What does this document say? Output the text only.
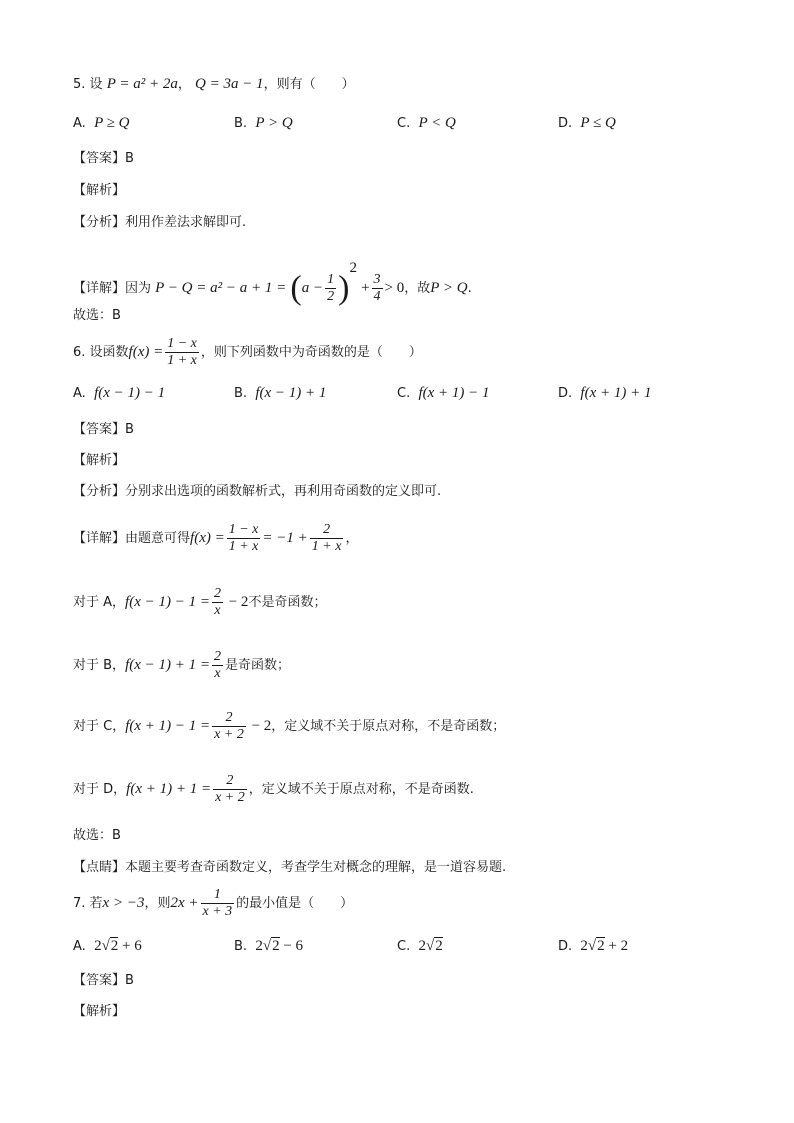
5. 设 P = a² + 2a， Q = 3a − 1，则有（　　）
A. P ≥ Q	B. P > Q	C. P < Q	D. P ≤ Q
【答案】B
【解析】
【分析】利用作差法求解即可.
【详解】因为 $P - Q = a^2 - a + 1 = (a - \frac{1}{2} )^2 + \frac{3}{4} > 0$，故P > Q.
故选：B
6. 设函数$f(x) = \frac{1 - x}{1 + x}$ ，则下列函数中为奇函数的是（　　）
A. f(x − 1) − 1	B. f(x − 1) + 1	C. f(x + 1) − 1	D. f(x + 1) + 1
【答案】B
【解析】
【分析】分别求出选项的函数解析式，再利用奇函数的定义即可.
【详解】由题意可得$f(x) = \frac{1 - x}{1 + x} = -1 + \frac{2}{1 + x}$ ，
对于 A，$f(x - 1) - 1 = \frac{2}{x} - 2$不是奇函数；
对于 B，$f(x - 1) + 1 = \frac{2}{x}$ 是奇函数；
对于 C，$f(x + 1) - 1 = \frac{2}{x + 2} - 2$，定义域不关于原点对称，不是奇函数；
对于 D，$f(x + 1) + 1 = \frac{2}{x + 2}$ ，定义域不关于原点对称，不是奇函数.
故选：B
【点睛】本题主要考查奇函数定义，考查学生对概念的理解，是一道容易题.
7. 若x > −3，则$2x + \frac{1}{x + 3}$ 的最小值是（　　）
A. 2√2 + 6	B. 2√2 − 6	C. 2√2	D. 2√2 + 2
【答案】B
【解析】
